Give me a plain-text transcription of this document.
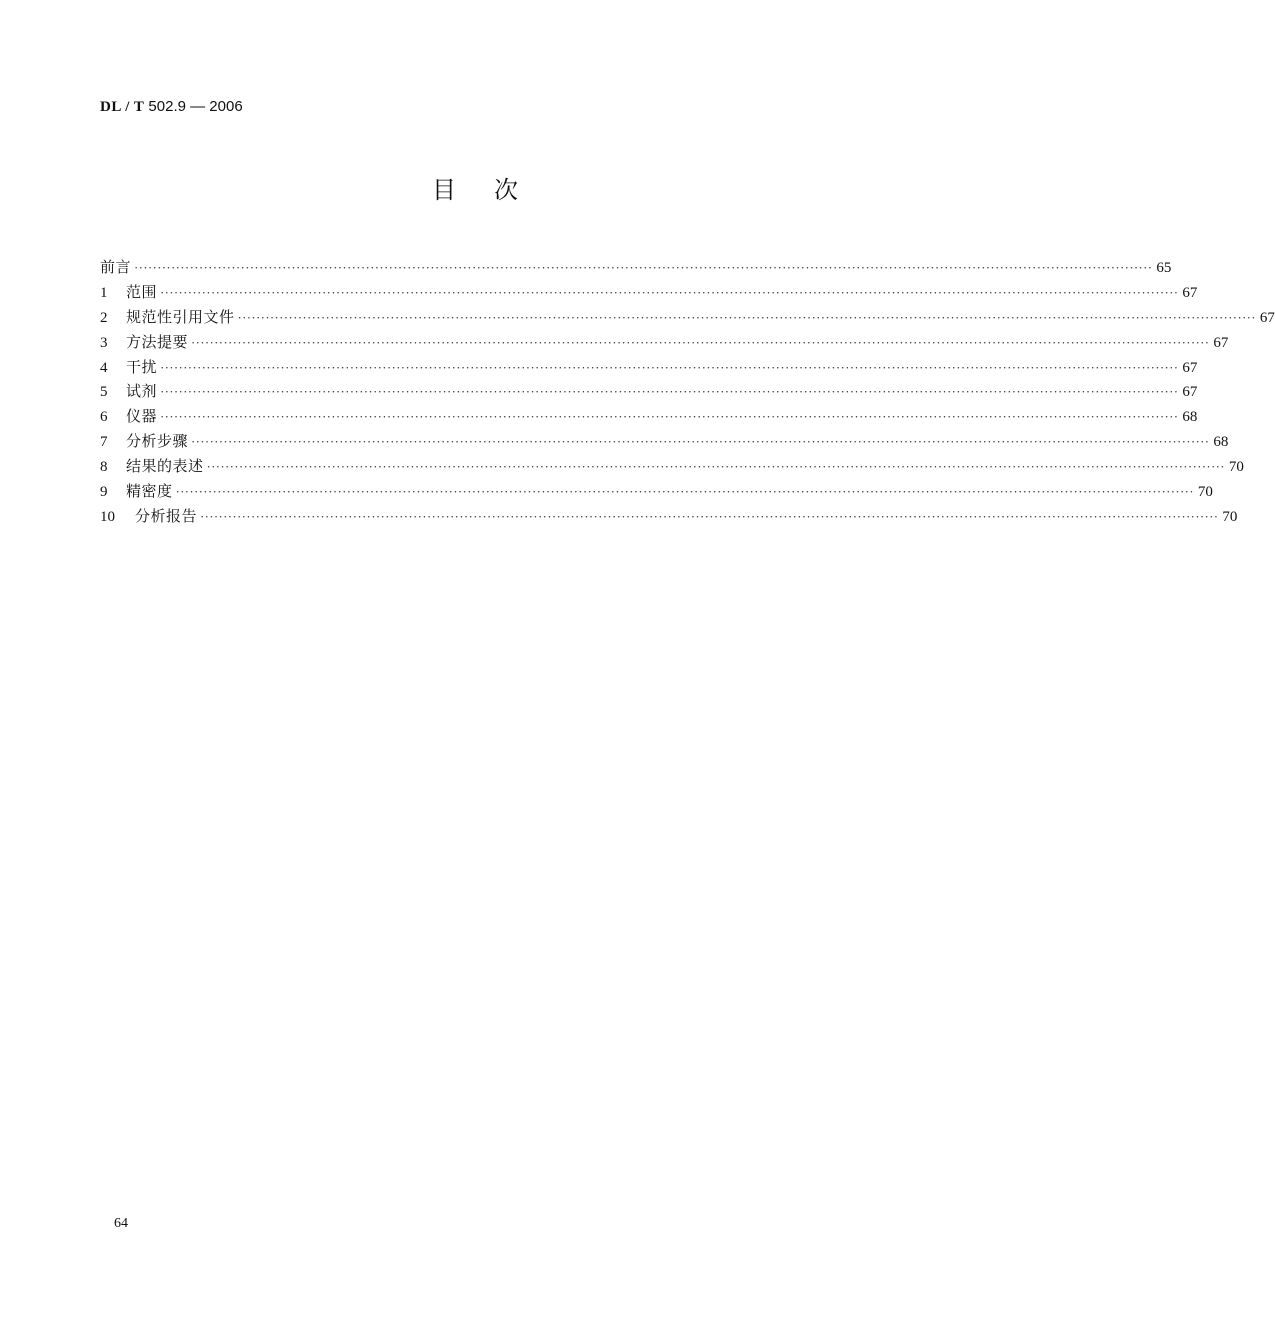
DL / T 502.9 — 2006
目次
前言 ···························································································································································································································· 65
1	范围 ···························································································································································································································· 67
2	规范性引用文件 ···························································································································································································································· 67
3	方法提要 ···························································································································································································································· 67
4	干扰 ···························································································································································································································· 67
5	试剂 ···························································································································································································································· 67
6	仪器 ···························································································································································································································· 68
7	分析步骤 ···························································································································································································································· 68
8	结果的表述 ···························································································································································································································· 70
9	精密度 ···························································································································································································································· 70
10	分析报告 ···························································································································································································································· 70
64
